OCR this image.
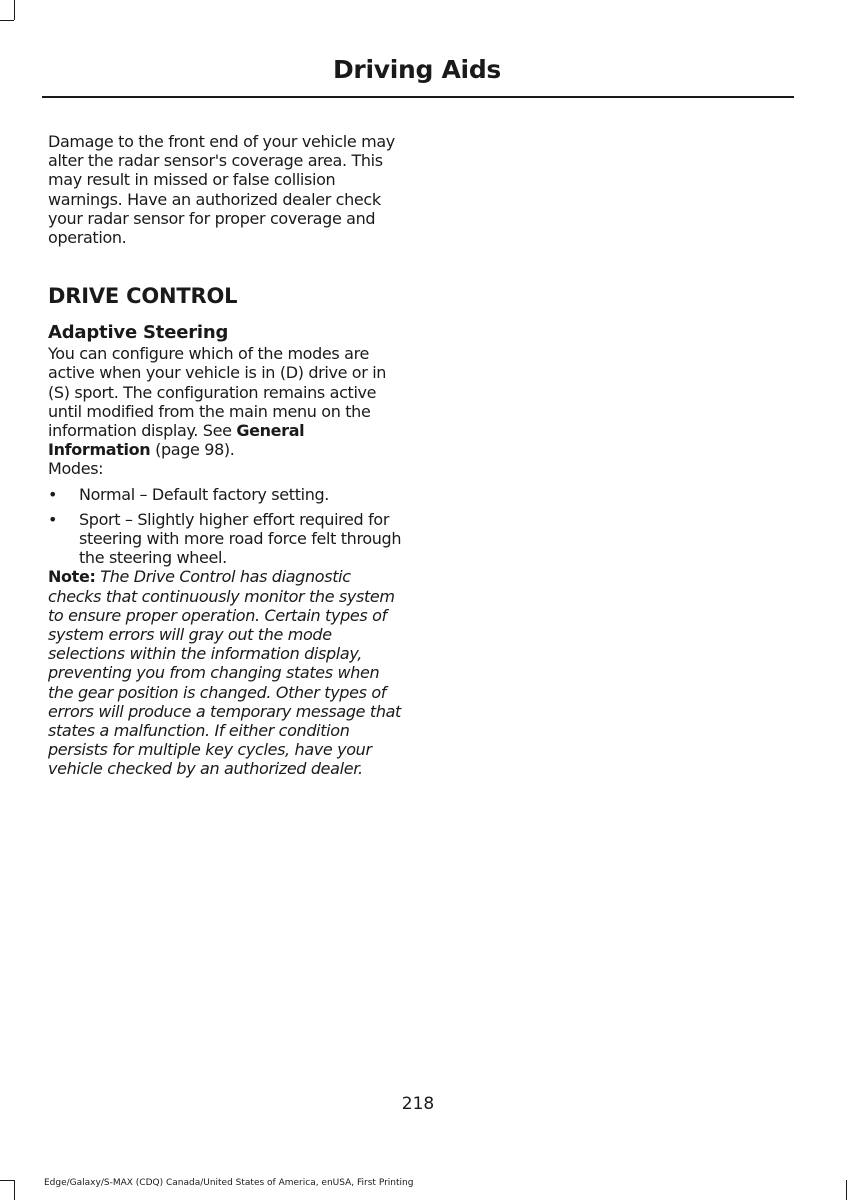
Driving Aids

Damage to the front end of your vehicle may alter the radar sensor's coverage area. This may result in missed or false collision warnings. Have an authorized dealer check your radar sensor for proper coverage and operation.

DRIVE CONTROL
Adaptive Steering

You can configure which of the modes are active when your vehicle is in (D) drive or in (S) sport. The configuration remains active until modified from the main menu on the information display. See General Information (page 98).

Modes:

• Normal – Default factory setting.
• Sport – Slightly higher effort required for steering with more road force felt through the steering wheel.

Note: The Drive Control has diagnostic checks that continuously monitor the system to ensure proper operation. Certain types of system errors will gray out the mode selections within the information display, preventing you from changing states when the gear position is changed. Other types of errors will produce a temporary message that states a malfunction. If either condition persists for multiple key cycles, have your vehicle checked by an authorized dealer.

218
Edge/Galaxy/S-MAX (CDQ) Canada/United States of America, enUSA, First Printing
